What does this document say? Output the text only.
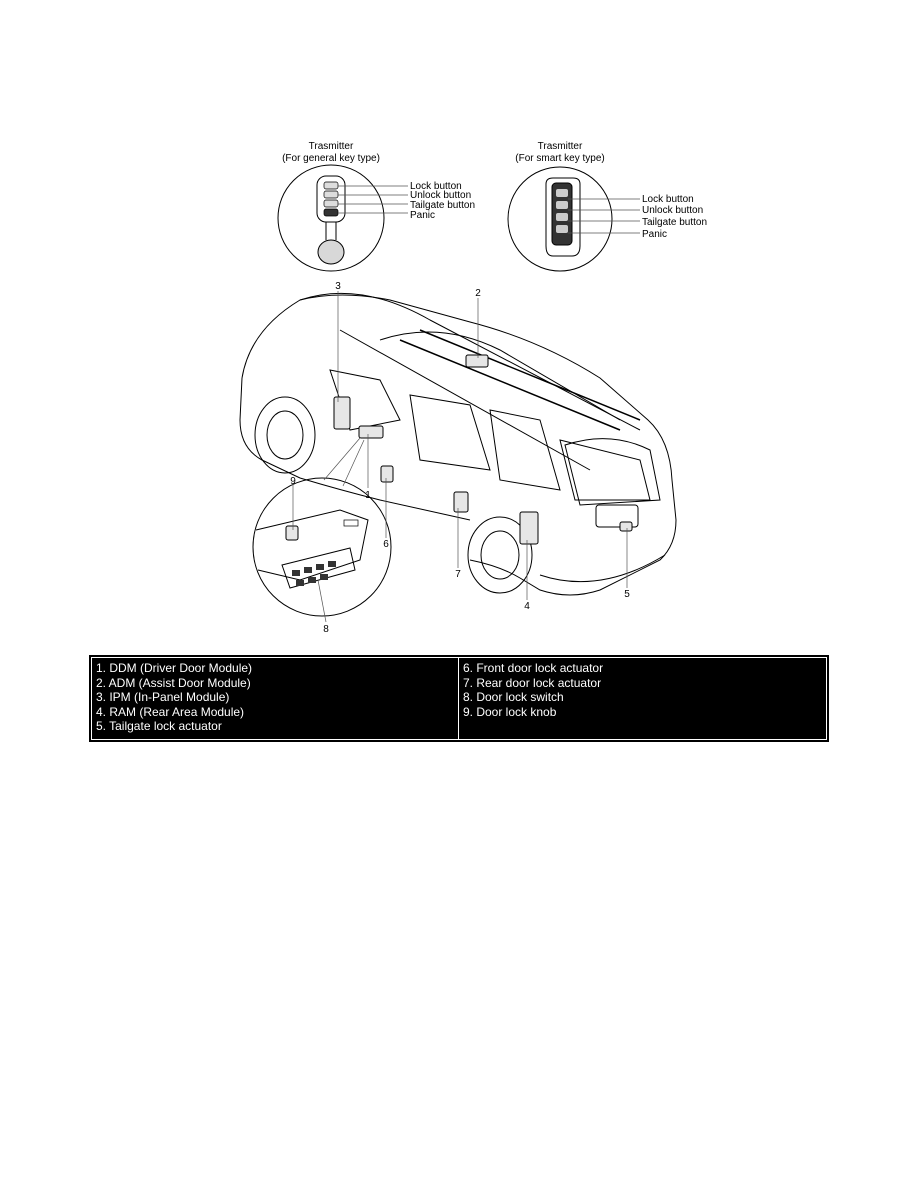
Trasmitter
(For general key type)
Lock button
Unlock button
Tailgate button
Panic
Trasmitter
(For smart key type)
Lock button
Unlock button
Tailgate button
Panic
1
2
3
4
5
6
7
8
9
1. DDM (Driver Door Module)
2. ADM (Assist Door Module)
3. IPM (In-Panel Module)
4. RAM (Rear Area Module)
5. Tailgate lock actuator
6. Front door lock actuator
7. Rear door lock actuator
8. Door lock switch
9. Door lock knob
